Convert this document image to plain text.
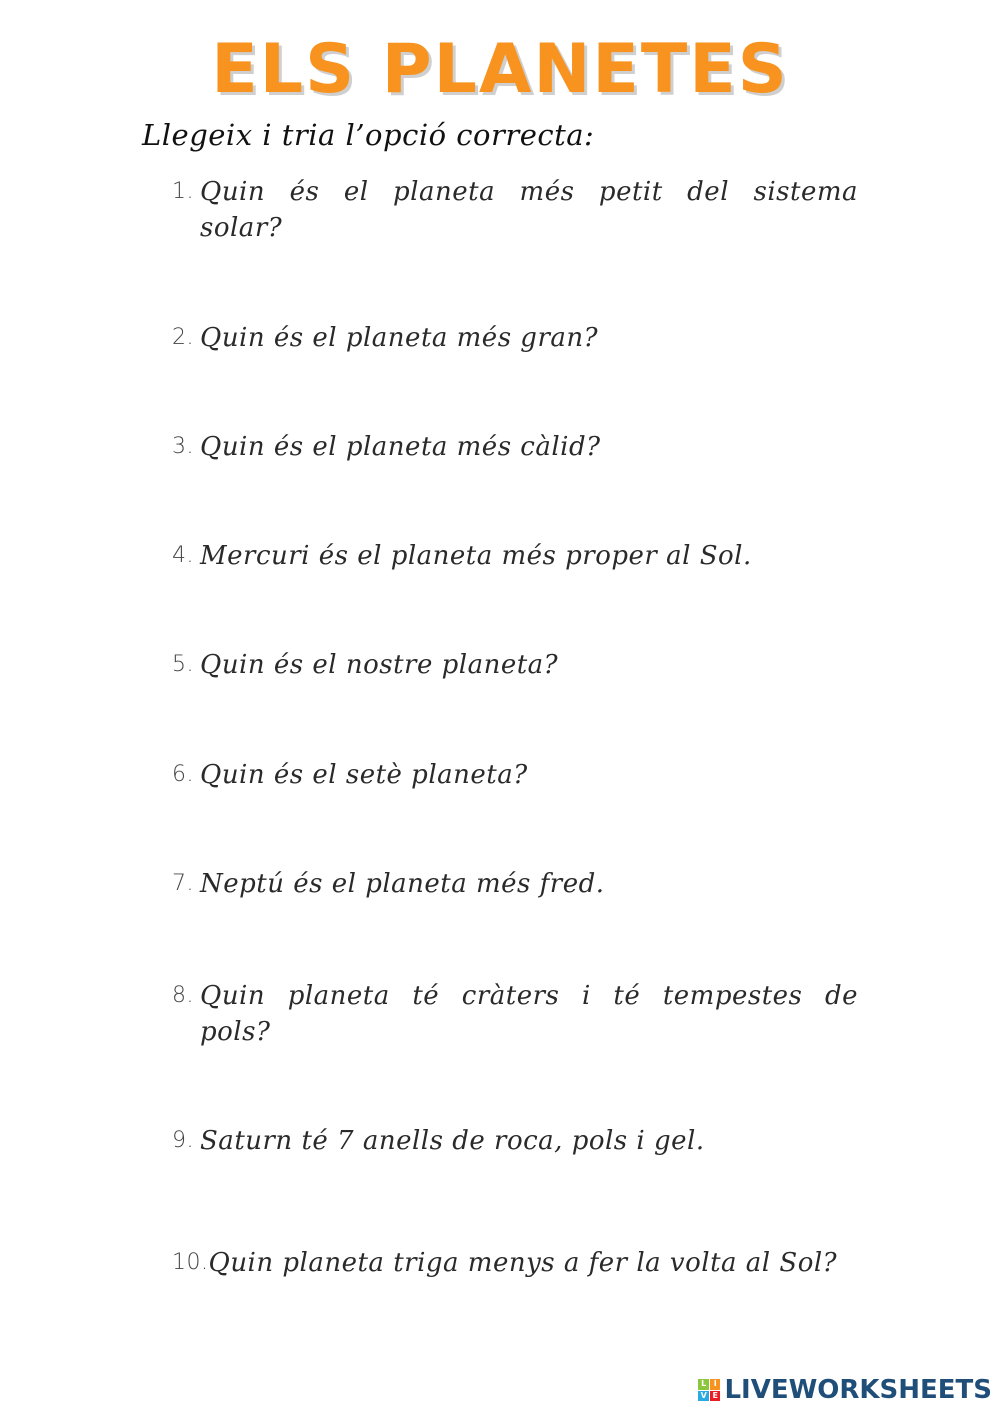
ELS PLANETES
Llegeix i tria l’opció correcta:
1. Quin és el planeta més petit del sistema solar?
2. Quin és el planeta més gran?
3. Quin és el planeta més càlid?
4. Mercuri és el planeta més proper al Sol.
5. Quin és el nostre planeta?
6. Quin és el setè planeta?
7. Neptú és el planeta més fred.
8. Quin planeta té cràters i té tempestes de pols?
9. Saturn té 7 anells de roca, pols i gel.
10. Quin planeta triga menys a fer la volta al Sol?
L I
V E LIVEWORKSHEETS
